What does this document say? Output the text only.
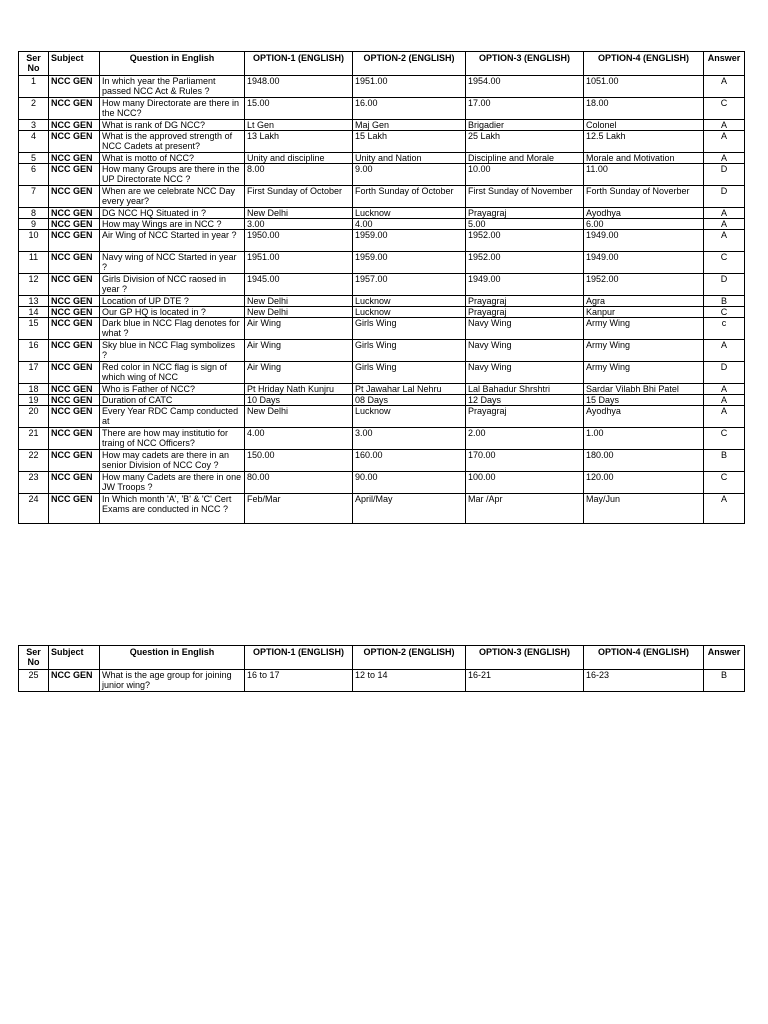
Ser No	Subject	Question in English	OPTION-1 (ENGLISH)	OPTION-2 (ENGLISH)	OPTION-3 (ENGLISH)	OPTION-4 (ENGLISH)	Answer
1	NCC GEN	In which year the Parliament passed NCC Act & Rules ?	1948.00	1951.00	1954.00	1051.00	A
2	NCC GEN	How many Directorate are there in the NCC?	15.00	16.00	17.00	18.00	C
3	NCC GEN	What is rank of DG NCC?	Lt Gen	Maj Gen	Brigadier	Colonel	A
4	NCC GEN	What is the approved strength of NCC Cadets at present?	13 Lakh	15 Lakh	25 Lakh	12.5 Lakh	A
5	NCC GEN	What is motto of NCC?	Unity and discipline	Unity and Nation	Discipline and Morale	Morale and Motivation	A
6	NCC GEN	How many Groups are there in the UP Directorate NCC ?	8.00	9.00	10.00	11.00	D
7	NCC GEN	When are we celebrate NCC Day every year?	First Sunday of October	Forth Sunday of October	First Sunday of November	Forth Sunday of Noverber	D
8	NCC GEN	DG NCC HQ Situated in ?	New Delhi	Lucknow	Prayagraj	Ayodhya	A
9	NCC GEN	How may Wings are in NCC ?	3.00	4.00	5.00	6.00	A
10	NCC GEN	Air Wing of NCC Started in year ?	1950.00	1959.00	1952.00	1949.00	A
11	NCC GEN	Navy wing of NCC Started in year ?	1951.00	1959.00	1952.00	1949.00	C
12	NCC GEN	Girls Division of NCC raosed in year ?	1945.00	1957.00	1949.00	1952.00	D
13	NCC GEN	Location of UP DTE ?	New Delhi	Lucknow	Prayagraj	Agra	B
14	NCC GEN	Our GP HQ is located in ?	New Delhi	Lucknow	Prayagraj	Kanpur	C
15	NCC GEN	Dark blue in NCC Flag denotes for what ?	Air Wing	Girls Wing	Navy Wing	Army Wing	c
16	NCC GEN	Sky blue in NCC Flag symbolizes ?	Air Wing	Girls Wing	Navy Wing	Army Wing	A
17	NCC GEN	Red color in NCC flag is sign of which wing of NCC	Air Wing	Girls Wing	Navy Wing	Army Wing	D
18	NCC GEN	Who is Father of NCC?	Pt Hriday Nath Kunjru	Pt Jawahar Lal Nehru	Lal Bahadur Shrshtri	Sardar Vilabh Bhi Patel	A
19	NCC GEN	Duration of CATC	10 Days	08 Days	12 Days	15 Days	A
20	NCC GEN	Every Year RDC Camp conducted at	New Delhi	Lucknow	Prayagraj	Ayodhya	A
21	NCC GEN	There are how may institutio for traing of NCC Officers?	4.00	3.00	2.00	1.00	C
22	NCC GEN	How may cadets are there in an senior Division of NCC Coy ?	150.00	160.00	170.00	180.00	B
23	NCC GEN	How many Cadets are there in one JW Troops ?	80.00	90.00	100.00	120.00	C
24	NCC GEN	In Which month 'A', 'B' & 'C' Cert Exams are conducted in NCC ?	Feb/Mar	April/May	Mar /Apr	May/Jun	A
Ser No	Subject	Question in English	OPTION-1 (ENGLISH)	OPTION-2 (ENGLISH)	OPTION-3 (ENGLISH)	OPTION-4 (ENGLISH)	Answer
25	NCC GEN	What is the age group for joining junior wing?	16 to 17	12 to 14	16-21	16-23	B
